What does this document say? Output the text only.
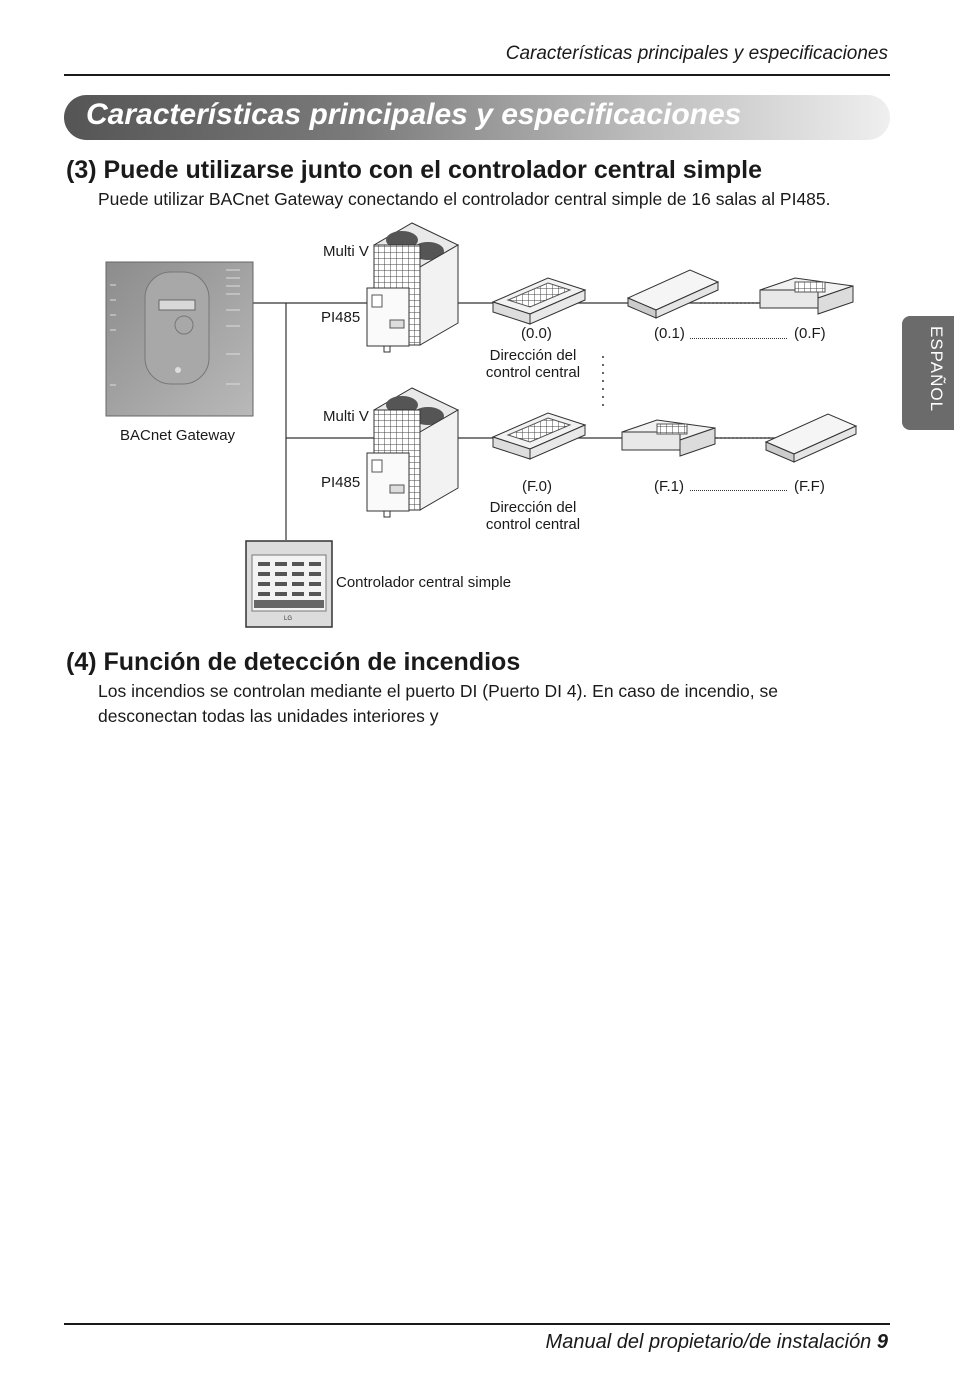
Características principales y especificaciones
Características principales y especificaciones
ESPAÑOL
(3) Puede utilizarse junto con el controlador central simple
Puede utilizar BACnet Gateway conectando el controlador central simple de 16 salas al PI485.
LG
Multi V
PI485
Multi V
PI485
BACnet Gateway
(0.0)
Dirección del
control central
(0.1)	(0.F)
(F.0)
Dirección del
control central
(F.1)	(F.F)
Controlador central simple
(4) Función de detección de incendios
Los incendios se controlan mediante el puerto DI (Puerto DI 4). En caso de incendio, se
desconectan todas las unidades interiores y
Manual del propietario/de instalación 9
